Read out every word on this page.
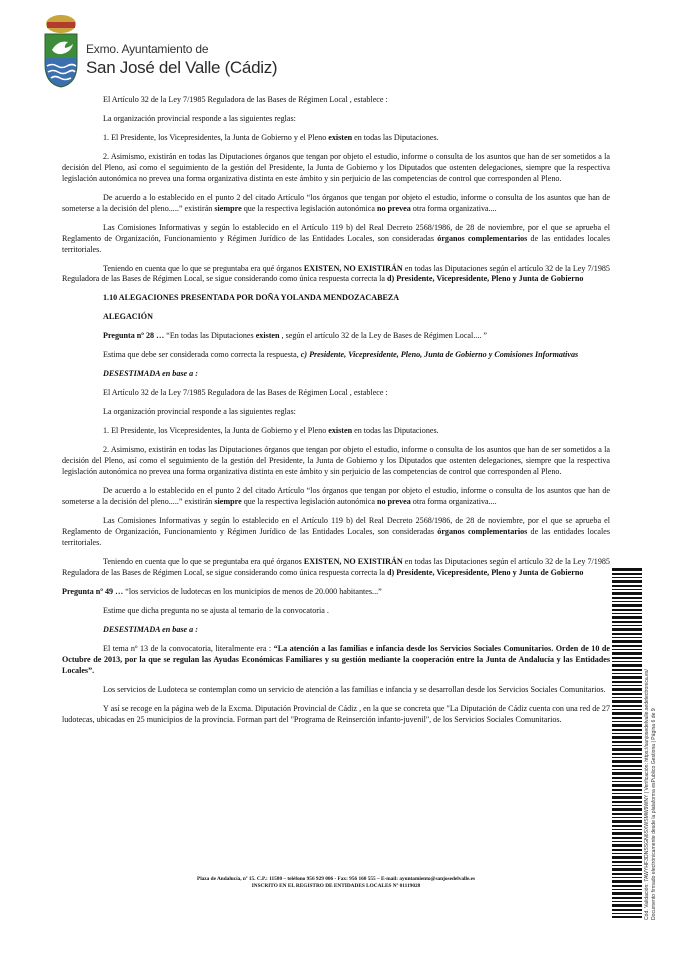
Exmo. Ayuntamiento de
San José del Valle (Cádiz)

El Artículo 32 de la Ley 7/1985 Reguladora de las Bases de Régimen Local , establece :

La organización provincial responde a las siguientes reglas:

1. El Presidente, los Vicepresidentes, la Junta de Gobierno y el Pleno existen en todas las Diputaciones.

2. Asimismo, existirán en todas las Diputaciones órganos que tengan por objeto el estudio, informe o consulta de los asuntos que han de ser sometidos a la decisión del Pleno, así como el seguimiento de la gestión del Presidente, la Junta de Gobierno y los Diputados que ostenten delegaciones, siempre que la respectiva legislación autonómica no prevea una forma organizativa distinta en este ámbito y sin perjuicio de las competencias de control que corresponden al Pleno.

De acuerdo a lo establecido en el punto 2 del citado Artículo “los órganos que tengan por objeto el estudio, informe o consulta de los asuntos que han de someterse a la decisión del pleno.....” existirán siempre que la respectiva legislación autonómica no prevea otra forma organizativa....

Las Comisiones Informativas y según lo establecido en el Artículo 119 b) del Real Decreto 2568/1986, de 28 de noviembre, por el que se aprueba el Reglamento de Organización, Funcionamiento y Régimen Jurídico de las Entidades Locales, son consideradas órganos complementarios de las entidades locales territoriales.

Teniendo en cuenta que lo que se preguntaba era qué órganos EXISTEN, NO EXISTIRÁN en todas las Diputaciones según el artículo 32 de la Ley 7/1985 Reguladora de las Bases de Régimen Local, se sigue considerando como única respuesta correcta la d) Presidente, Vicepresidente, Pleno y Junta de Gobierno

1.10 ALEGACIONES PRESENTADA POR DOÑA YOLANDA MENDOZACABEZA

ALEGACIÓN

Pregunta nº 28 … “En todas las Diputaciones existen , según el artículo 32 de la Ley de Bases de Régimen Local.... ”

Estima que debe ser considerada como correcta la respuesta, c) Presidente, Vicepresidente, Pleno, Junta de Gobierno y Comisiones Informativas

DESESTIMADA en base a :

El Artículo 32 de la Ley 7/1985 Reguladora de las Bases de Régimen Local , establece :

La organización provincial responde a las siguientes reglas:

1. El Presidente, los Vicepresidentes, la Junta de Gobierno y el Pleno existen en todas las Diputaciones.

2. Asimismo, existirán en todas las Diputaciones órganos que tengan por objeto el estudio, informe o consulta de los asuntos que han de ser sometidos a la decisión del Pleno, así como el seguimiento de la gestión del Presidente, la Junta de Gobierno y los Diputados que ostenten delegaciones, siempre que la respectiva legislación autonómica no prevea una forma organizativa distinta en este ámbito y sin perjuicio de las competencias de control que corresponden al Pleno.

De acuerdo a lo establecido en el punto 2 del citado Artículo “los órganos que tengan por objeto el estudio, informe o consulta de los asuntos que han de someterse a la decisión del pleno.....” existirán siempre que la respectiva legislación autonómica no prevea otra forma organizativa....

Las Comisiones Informativas y según lo establecido en el Artículo 119 b) del Real Decreto 2568/1986, de 28 de noviembre, por el que se aprueba el Reglamento de Organización, Funcionamiento y Régimen Jurídico de las Entidades Locales, son consideradas órganos complementarios de las entidades locales territoriales.

Teniendo en cuenta que lo que se preguntaba era qué órganos EXISTEN, NO EXISTIRÁN en todas las Diputaciones según el artículo 32 de la Ley 7/1985 Reguladora de las Bases de Régimen Local, se sigue considerando como única respuesta correcta la d) Presidente, Vicepresidente, Pleno y Junta de Gobierno

Pregunta nº 49 … “los servicios de ludotecas en los municipios de menos de 20.000 habitantes...”

Estime que dicha pregunta no se ajusta al temario de la convocatoria .

DESESTIMADA en base a :

El tema nº 13 de la convocatoria, literalmente era : “La atención a las familias e infancia desde los Servicios Sociales Comunitarios. Orden de 10 de Octubre de 2013, por la que se regulan las Ayudas Económicas Familiares y su gestión mediante la cooperación entre la Junta de Andalucía y las Entidades Locales”.

Los servicios de Ludoteca se contemplan como un servicio de atención a las familias e infancia y se desarrollan desde los Servicios Sociales Comunitarios.

Y así se recoge en la página web de la Excma. Diputación Provincial de Cádiz , en la que se concreta que "La Diputación de Cádiz cuenta con una red de 27 ludotecas, ubicadas en 25 municipios de la provincia. Forman part del "Programa de Reinserción infanto-juvenil", de los Servicios Sociales Comunitarios.

Plaza de Andalucía, nº 15. C.P.: 11580 – teléfono 956 929 006 - Fax: 956 160 555 – E-mail: ayuntamiento@sanjosedelvalle.es
INSCRITO EN EL REGISTRO DE ENTIDADES LOCALES Nº 01119028	Cód. Validación: 7AWYHF3DNSSGN6SXWSMW9WNY | Verificación: https://sanjosedelvalle.sedelectronica.es/ Documento firmado electrónicamente desde la plataforma esPublico Gestiona | Página 6 de 9
